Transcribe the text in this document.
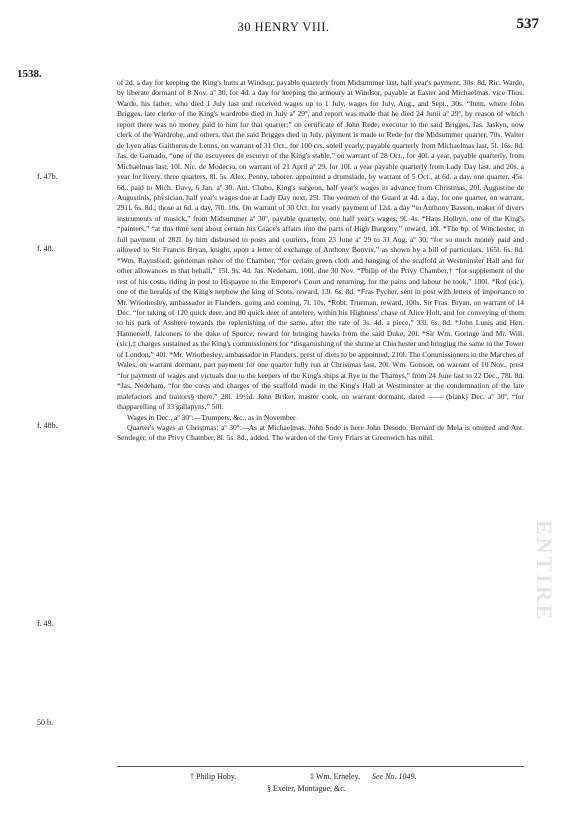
30 HENRY VIII.	537
1538.
f. 47b.
f. 48.
f. 48b.
f. 49.
50 b.

of 2d. a day for keeping the King's butts at Windsor, payable quarterly from Midsummer last, half year's payment, 30s. 8d. Ric. Warde, by liberate dormant of 8 Nov. aº 30, for 4d. a day for keeping the armoury at Windsor, payable at Easter and Michaelmas, vice Thos. Warde, his father, who died 1 July last and received wages up to 1 July, wages for July, Aug., and Sept., 30s. “Item, where John Brigges, late clerke of the King's wardrobe died in July aº 29º, and report was made that he died 24 Junii aº 29º, by reason of which report there was no money paid to him for that quarter;” on certificate of John Rede, executor to the said Brigges, Jas. Jaskyn, now clerk of the Wardrobe, and others, that the said Brigges died in July, payment is made to Rede for the Midsummer quarter, 70s. Walter de Lyen alias Gaitherus de Lenns, on warrant of 31 Oct., for 100 crs. soleil yearly, payable quarterly from Michaelmas last, 5l. 16s. 8d. Jas. de Garnado, “one of the escuyeres de escurye of the King's stable,” on warrant of 28 Oct., for 40l. a year, payable quarterly, from Michaelmas last, 10l. Nic. de Modecio, on warrant of 21 April aº 29, for 10l. a year payable quarterly from Lady Day last, and 20s. a year for livery, three quarters, 8l. 5s. Alex. Penny, taborer, appointed a drumslade, by warrant of 5 Oct., at 6d. a day, one quarter, 45s. 6d., paid to Mich. Davy, 6 Jan. aº 30. Ant. Chabo, King's surgeon, half year's wages in advance from Christmas, 20l. Augustine de Augustinis, physician, half year's wages due at Lady Day next, 25l. The yeomen of the Guard at 4d. a day, for one quarter, on warrant, 291l. 6s. 8d.; those at 6d. a day, 70l. 10s. On warrant of 30 Oct. for yearly payment of 12d. a day “to Anthony Basson, maker of divers instruments of musick,” from Midsummer aº 30º, payable quarterly, one half year's wages, 9l. 4s. *Hans Holbyn, one of the King's “painters,” “at this time sent about certain his Grace's affairs into the parts of High Burgony,” reward, 10l. *The bp. of Winchester, in full payment of 282l. by him disbursed to posts and couriers, from 23 June aº 29 to 31 Aug. aº 30, “for so much money paid and allowed to Sir Francis Bryan, knight, upon a letter of exchange of Anthony Bonvix,” as shown by a bill of particulars, 165l. 6s. 8d. *Wm. Raynsford, gentleman usher of the Chamber, “for certain green cloth and hanging of the scaffold at Westminster Hall and for other allowances in that behalf,” 15l. 9s. 4d. Jas. Nedeham, 100l. due 30 Nov. *Philip of the Privy Chamber,† “for supplement of the rest of his costs, riding in post to Hispayne to the Emperor's Court and returning, for the pains and labour he took,” 100l. *Rof (sic), one of the heralds of the King's nephew the king of Scots, reward, 13l. 6s. 8d. *Fras Pycher, sent in post with letters of importance to Mr. Wriothesley, ambassador in Flanders, going and coming, 7l. 10s. *Robt. Trueman, reward, 100s. Sir Fras. Bryan, on warrant of 14 Dec. “for taking of 120 quick deer, and 80 quick deer of antelere, within his Highness' chase of Alice Holt, and for conveying of them to his park of Asshere towards the replenishing of the same, after the rate of 3s. 4d. a piece,” 33l. 6s. 8d. *John Lunis and Hen. Hannerself, falconers to the duke of Spurce, reward for bringing hawks from the said Duke, 20l. *Sir Wm. Goringe and Mr. Will. (sic),‡ charges sustained as the King's commissioners for “disgarnishing of the shrine at Chechester and bringing the same to the Tower of London,” 40l. *Mr. Wriothesley, ambassador in Flanders, prest of diets to be appointed, 210l. The Commissioners in the Marches of Wales, on warrant dormant, part payment for one quarter fully run at Christmas last, 20l. Wm. Gonson, on warrant of 10 Nov., prest “for payment of wages and victuals due to the keepers of the King's ships at Rye in the Thamys,” from 24 June last to 22 Dec., 78l. 8d. *Jas. Nedeham, “for the costs and charges of the scaffold made in the King's Hall at Westminster at the condemnation of the late malefactors and traitors§ there,” 28l. 19½d. John Briket, master cook, on warrant dormant, dated —— (blank) Dec. aº 30º, “for thapparelling of 33 gallapyns,” 50l.

Wages in Dec., aº 30º:—Trumpets, &c., as in November.

Quarter's wages at Christmas; aº 30º:—As at Michaelmas. John Sodo is here John Desodo. Bernard de Mela is omitted and Ant. Sentleger, of the Privy Chamber, 8l. 5s. 8d., added. The warden of the Grey Friars at Greenwich has nihil.

† Philip Hoby.	‡ Wm. Erneley. See No. 1049.
§ Exeter, Montague, &c.
ENTIRE
